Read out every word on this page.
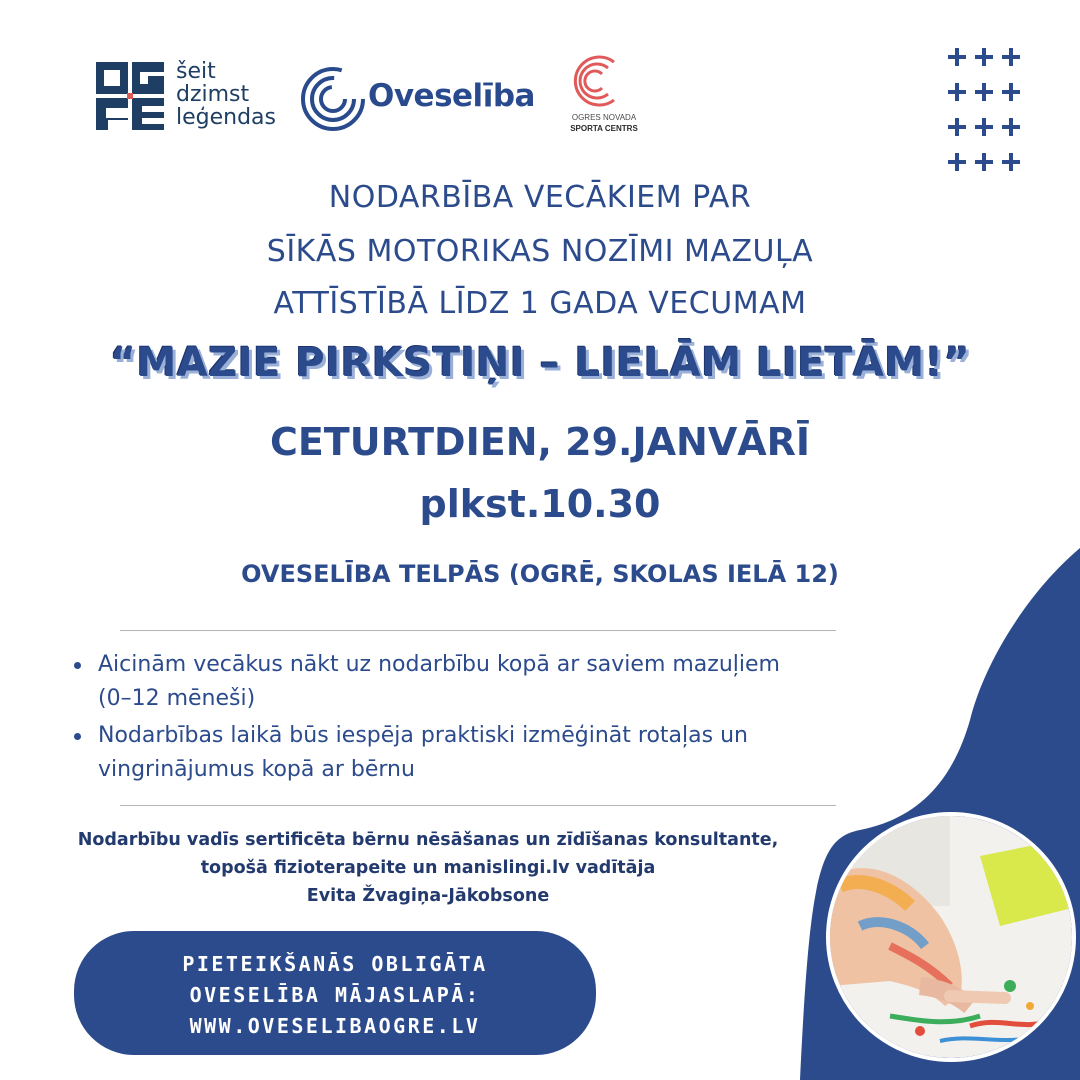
šeit
dzimst
leģendas
Oveselība
OGRES NOVADA
SPORTA CENTRS
NODARBĪBA VECĀKIEM PAR
SĪKĀS MOTORIKAS NOZĪMI MAZUĻA
ATTĪSTĪBĀ LĪDZ 1 GADA VECUMAM
“MAZIE PIRKSTIŅI – LIELĀM LIETĀM!”
CETURTDIEN, 29.JANVĀRĪ
plkst.10.30
OVESELĪBA TELPĀS (OGRĒ, SKOLAS IELĀ 12)
Aicinām vecākus nākt uz nodarbību kopā ar saviem mazuļiem
(0–12 mēneši)
Nodarbības laikā būs iespēja praktiski izmēģināt rotaļas un
vingrinājumus kopā ar bērnu
Nodarbību vadīs sertificēta bērnu nēsāšanas un zīdīšanas konsultante,
topošā fizioterapeite un manislingi.lv vadītāja
Evita Žvagiņa-Jākobsone
PIETEIKŠANĀS OBLIGĀTA
OVESELĪBA MĀJASLAPĀ:
WWW.OVESELIBAOGRE.LV
